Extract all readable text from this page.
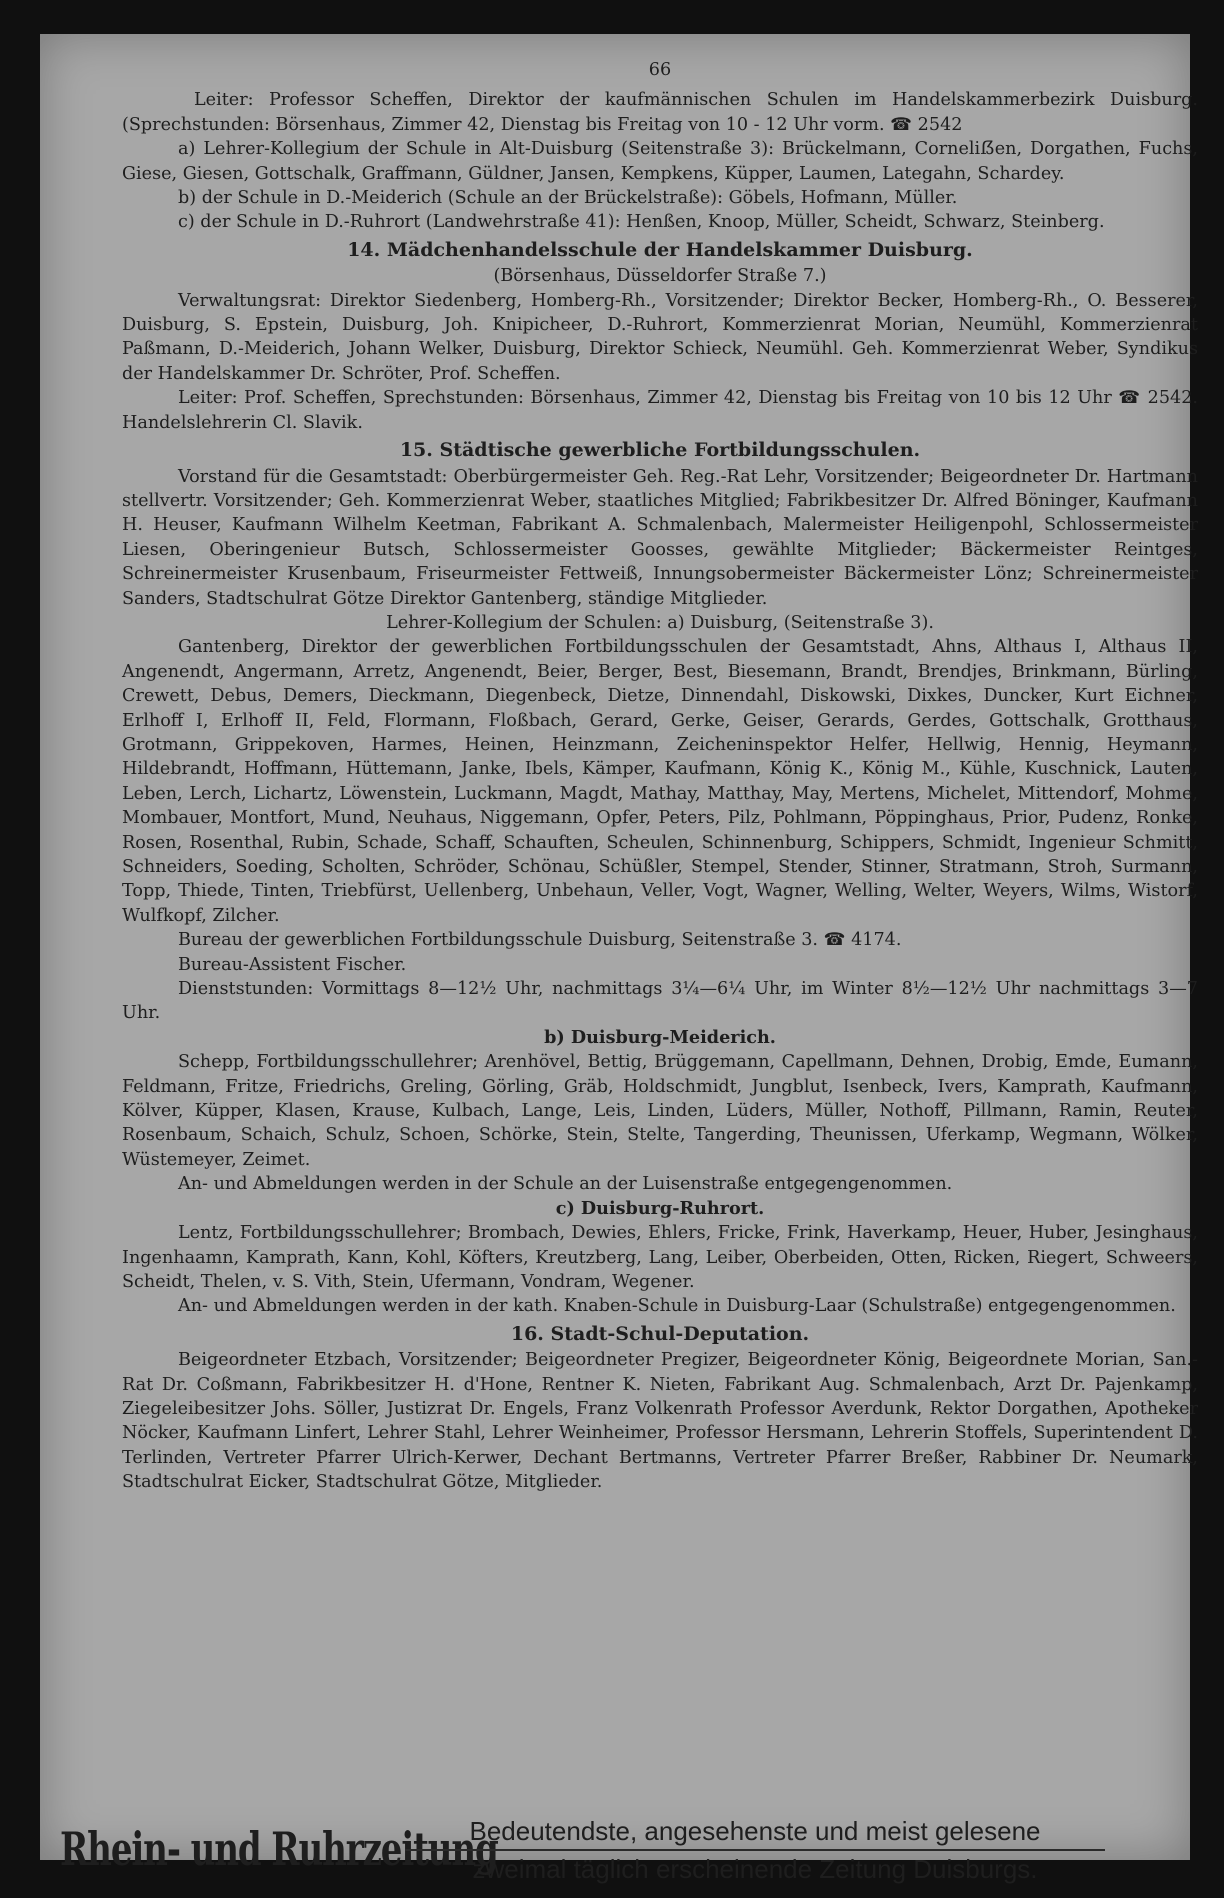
66

Leiter: Professor Scheffen, Direktor der kaufmännischen Schulen im Handelskammerbezirk Duisburg. (Sprechstunden: Börsenhaus, Zimmer 42, Dienstag bis Freitag von 10 - 12 Uhr vorm. ☎ 2542

a) Lehrer-Kollegium der Schule in Alt-Duisburg (Seitenstraße 3): Brückelmann, Corneliẞen, Dorgathen, Fuchs, Giese, Giesen, Gottschalk, Graffmann, Güldner, Jansen, Kempkens, Küpper, Laumen, Lategahn, Schardey.

b) der Schule in D.-Meiderich (Schule an der Brückelstraße): Göbels, Hofmann, Müller.

c) der Schule in D.-Ruhrort (Landwehrstraße 41): Henßen, Knoop, Müller, Scheidt, Schwarz, Steinberg.

14. Mädchenhandelsschule der Handelskammer Duisburg.

(Börsenhaus, Düsseldorfer Straße 7.)

Verwaltungsrat: Direktor Siedenberg, Homberg-Rh., Vorsitzender; Direktor Becker, Homberg-Rh., O. Besserer, Duisburg, S. Epstein, Duisburg, Joh. Knipicheer, D.-Ruhrort, Kommerzienrat Morian, Neumühl, Kommerzienrat Paßmann, D.-Meiderich, Johann Welker, Duisburg, Direktor Schieck, Neumühl. Geh. Kommerzienrat Weber, Syndikus der Handelskammer Dr. Schröter, Prof. Scheffen.

Leiter: Prof. Scheffen, Sprechstunden: Börsenhaus, Zimmer 42, Dienstag bis Freitag von 10 bis 12 Uhr ☎ 2542. Handelslehrerin Cl. Slavik.

15. Städtische gewerbliche Fortbildungsschulen.

Vorstand für die Gesamtstadt: Oberbürgermeister Geh. Reg.-Rat Lehr, Vorsitzender; Beigeordneter Dr. Hartmann stellvertr. Vorsitzender; Geh. Kommerzienrat Weber, staatliches Mitglied; Fabrikbesitzer Dr. Alfred Böninger, Kaufmann H. Heuser, Kaufmann Wilhelm Keetman, Fabrikant A. Schmalenbach, Malermeister Heiligenpohl, Schlossermeister Liesen, Oberingenieur Butsch, Schlossermeister Goosses, gewählte Mitglieder; Bäckermeister Reintges, Schreinermeister Krusenbaum, Friseurmeister Fettweiß, Innungsobermeister Bäckermeister Lönz; Schreinermeister Sanders, Stadtschulrat Götze Direktor Gantenberg, ständige Mitglieder.

Lehrer-Kollegium der Schulen: a) Duisburg, (Seitenstraße 3).

Gantenberg, Direktor der gewerblichen Fortbildungsschulen der Gesamtstadt, Ahns, Althaus I, Althaus II, Angenendt, Angermann, Arretz, Angenendt, Beier, Berger, Best, Biesemann, Brandt, Brendjes, Brinkmann, Bürling, Crewett, Debus, Demers, Dieckmann, Diegenbeck, Dietze, Dinnendahl, Diskowski, Dixkes, Duncker, Kurt Eichner, Erlhoff I, Erlhoff II, Feld, Flormann, Floßbach, Gerard, Gerke, Geiser, Gerards, Gerdes, Gottschalk, Grotthaus, Grotmann, Grippekoven, Harmes, Heinen, Heinzmann, Zeicheninspektor Helfer, Hellwig, Hennig, Heymann, Hildebrandt, Hoffmann, Hüttemann, Janke, Ibels, Kämper, Kaufmann, König K., König M., Kühle, Kuschnick, Lauten, Leben, Lerch, Lichartz, Löwenstein, Luckmann, Magdt, Mathay, Matthay, May, Mertens, Michelet, Mittendorf, Mohme, Mombauer, Montfort, Mund, Neuhaus, Niggemann, Opfer, Peters, Pilz, Pohlmann, Pöppinghaus, Prior, Pudenz, Ronke, Rosen, Rosenthal, Rubin, Schade, Schaff, Schauften, Scheulen, Schinnenburg, Schippers, Schmidt, Ingenieur Schmitt, Schneiders, Soeding, Scholten, Schröder, Schönau, Schüßler, Stempel, Stender, Stinner, Stratmann, Stroh, Surmann, Topp, Thiede, Tinten, Triebfürst, Uellenberg, Unbehaun, Veller, Vogt, Wagner, Welling, Welter, Weyers, Wilms, Wistorf, Wulfkopf, Zilcher.

Bureau der gewerblichen Fortbildungsschule Duisburg, Seitenstraße 3. ☎ 4174.

Bureau-Assistent Fischer.

Dienststunden: Vormittags 8—12½ Uhr, nachmittags 3¼—6¼ Uhr, im Winter 8½—12½ Uhr nachmittags 3—7 Uhr.

b) Duisburg-Meiderich.

Schepp, Fortbildungsschullehrer; Arenhövel, Bettig, Brüggemann, Capellmann, Dehnen, Drobig, Emde, Eumann, Feldmann, Fritze, Friedrichs, Greling, Görling, Gräb, Holdschmidt, Jungblut, Isenbeck, Ivers, Kamprath, Kaufmann, Kölver, Küpper, Klasen, Krause, Kulbach, Lange, Leis, Linden, Lüders, Müller, Nothoff, Pillmann, Ramin, Reuter, Rosenbaum, Schaich, Schulz, Schoen, Schörke, Stein, Stelte, Tangerding, Theunissen, Uferkamp, Wegmann, Wölker, Wüstemeyer, Zeimet.

An- und Abmeldungen werden in der Schule an der Luisenstraße entgegengenommen.

c) Duisburg-Ruhrort.

Lentz, Fortbildungsschullehrer; Brombach, Dewies, Ehlers, Fricke, Frink, Haverkamp, Heuer, Huber, Jesinghaus, Ingenhaamn, Kamprath, Kann, Kohl, Köfters, Kreutzberg, Lang, Leiber, Oberbeiden, Otten, Ricken, Riegert, Schweers, Scheidt, Thelen, v. S. Vith, Stein, Ufermann, Vondram, Wegener.

An- und Abmeldungen werden in der kath. Knaben-Schule in Duisburg-Laar (Schulstraße) entgegengenommen.

16. Stadt-Schul-Deputation.

Beigeordneter Etzbach, Vorsitzender; Beigeordneter Pregizer, Beigeordneter König, Beigeordnete Morian, San.-Rat Dr. Coßmann, Fabrikbesitzer H. d'Hone, Rentner K. Nieten, Fabrikant Aug. Schmalenbach, Arzt Dr. Pajenkamp, Ziegeleibesitzer Johs. Söller, Justizrat Dr. Engels, Franz Volkenrath Professor Averdunk, Rektor Dorgathen, Apotheker Nöcker, Kaufmann Linfert, Lehrer Stahl, Lehrer Weinheimer, Professor Hersmann, Lehrerin Stoffels, Superintendent D. Terlinden, Vertreter Pfarrer Ulrich-Kerwer, Dechant Bertmanns, Vertreter Pfarrer Breßer, Rabbiner Dr. Neumark, Stadtschulrat Eicker, Stadtschulrat Götze, Mitglieder.

Rhein- und Ruhrzeitung
Bedeutendste, angesehenste und meist gelesene
zweimal täglich erscheinende Zeitung Duisburgs.
